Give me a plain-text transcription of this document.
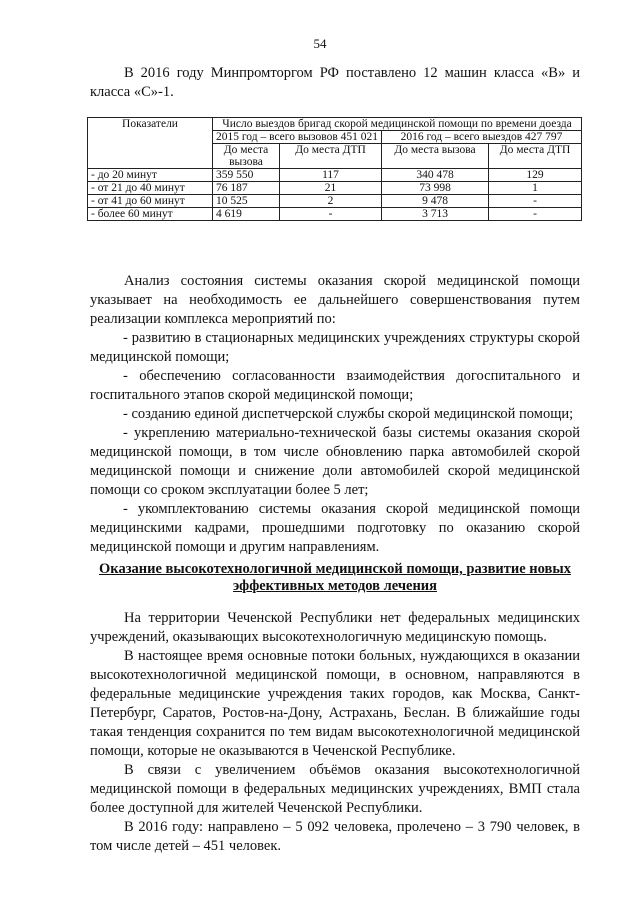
54
В 2016 году Минпромторгом РФ поставлено 12 машин класса «В» и класса «С»-1.
Показатели	Число выездов бригад скорой медицинской помощи по времени доезда			
	2015 год – всего вызовов 451 021		2016 год – всего выездов 427 797	
	До места вызова	До места ДТП	До места вызова	До места ДТП
- до 20 минут	359 550	117	340 478	129
- от 21 до 40 минут	76 187	21	73 998	1
- от 41 до 60 минут	10 525	2	9 478	-
- более 60 минут	4 619	-	3 713	-

Анализ состояния системы оказания скорой медицинской помощи указывает на необходимость ее дальнейшего совершенствования путем реализации комплекса мероприятий по:

- развитию в стационарных медицинских учреждениях структуры скорой медицинской помощи;

- обеспечению согласованности взаимодействия догоспитального и госпитального этапов скорой медицинской помощи;

- созданию единой диспетчерской службы скорой медицинской помощи;

- укреплению материально-технической базы системы оказания скорой медицинской помощи, в том числе обновлению парка автомобилей скорой медицинской помощи и снижение доли автомобилей скорой медицинской помощи со сроком эксплуатации более 5 лет;

- укомплектованию системы оказания скорой медицинской помощи медицинскими кадрами, прошедшими подготовку по оказанию скорой медицинской помощи и другим направлениям.

Оказание высокотехнологичной медицинской помощи, развитие новых эффективных методов лечения

На территории Чеченской Республики нет федеральных медицинских учреждений, оказывающих высокотехнологичную медицинскую помощь.

В настоящее время основные потоки больных, нуждающихся в оказании высокотехнологичной медицинской помощи, в основном, направляются в федеральные медицинские учреждения таких городов, как Москва, Санкт-Петербург, Саратов, Ростов-на-Дону, Астрахань, Беслан. В ближайшие годы такая тенденция сохранится по тем видам высокотехнологичной медицинской помощи, которые не оказываются в Чеченской Республике.

В связи с увеличением объёмов оказания высокотехнологичной медицинской помощи в федеральных медицинских учреждениях, ВМП стала более доступной для жителей Чеченской Республики.

В 2016 году: направлено – 5 092 человека, пролечено – 3 790 человек, в том числе детей – 451 человек.
